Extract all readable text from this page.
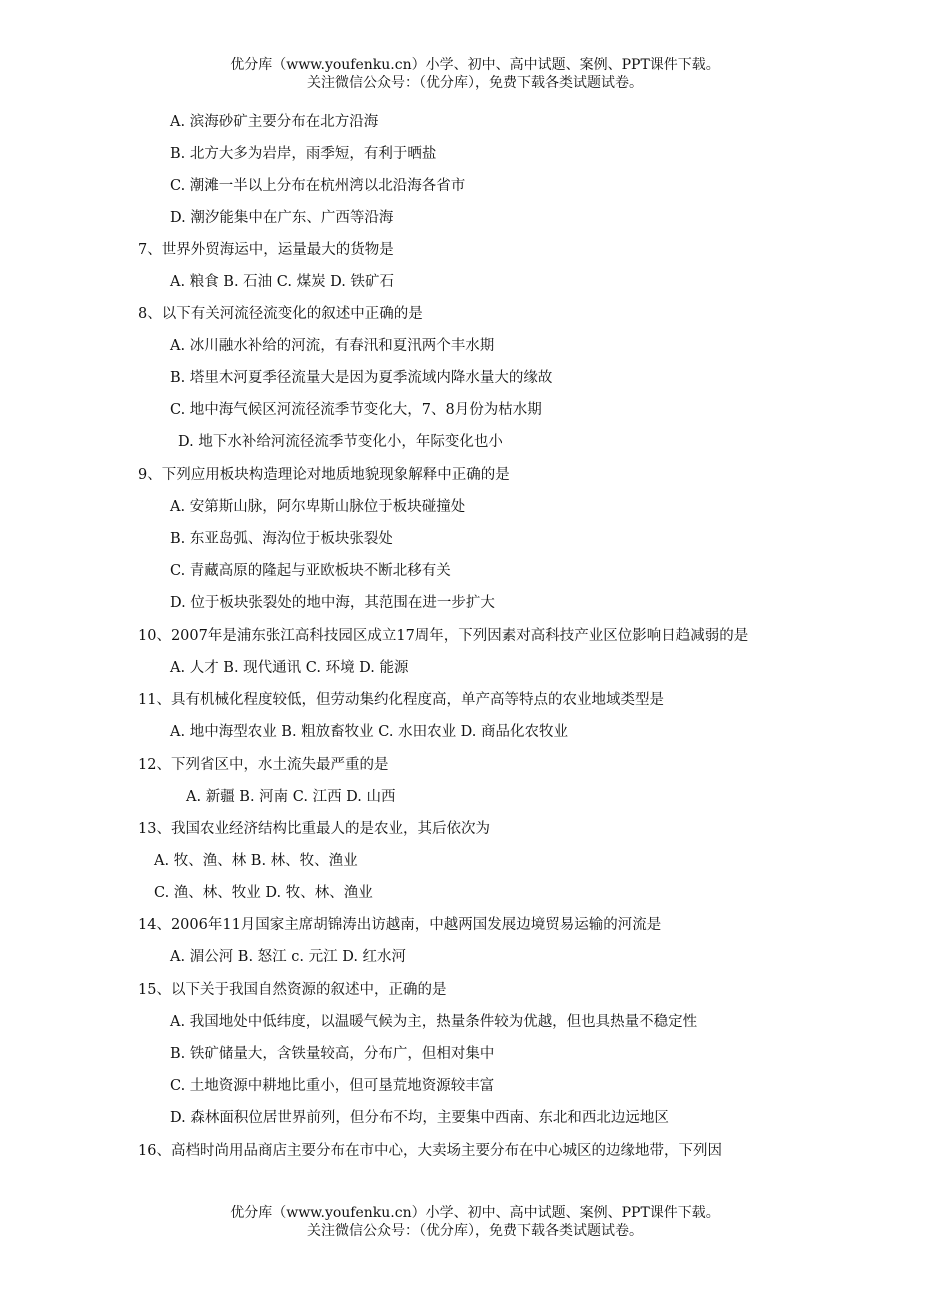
优分库（www.youfenku.cn）小学、初中、高中试题、案例、PPT课件下载。
关注微信公众号：（优分库），免费下载各类试题试卷。
A. 滨海砂矿主要分布在北方沿海
B. 北方大多为岩岸，雨季短，有利于晒盐
C. 潮滩一半以上分布在杭州湾以北沿海各省市
D. 潮汐能集中在广东、广西等沿海
7、世界外贸海运中，运量最大的货物是
A. 粮食 B. 石油 C. 煤炭 D. 铁矿石
8、以下有关河流径流变化的叙述中正确的是
A. 冰川融水补给的河流，有春汛和夏汛两个丰水期
B. 塔里木河夏季径流量大是因为夏季流域内降水量大的缘故
C. 地中海气候区河流径流季节变化大，7、8月份为枯水期
D. 地下水补给河流径流季节变化小，年际变化也小
9、下列应用板块构造理论对地质地貌现象解释中正确的是
A. 安第斯山脉，阿尔卑斯山脉位于板块碰撞处
B. 东亚岛弧、海沟位于板块张裂处
C. 青藏高原的隆起与亚欧板块不断北移有关
D. 位于板块张裂处的地中海，其范围在进一步扩大
10、2007年是浦东张江高科技园区成立17周年，下列因素对高科技产业区位影响日趋减弱的是
A. 人才 B. 现代通讯 C. 环境 D. 能源
11、具有机械化程度较低，但劳动集约化程度高，单产高等特点的农业地域类型是
A. 地中海型农业 B. 粗放畜牧业 C. 水田农业 D. 商品化农牧业
12、下列省区中，水土流失最严重的是
A. 新疆 B. 河南 C. 江西 D. 山西
13、我国农业经济结构比重最人的是农业，其后依次为
A. 牧、渔、林 B. 林、牧、渔业
C. 渔、林、牧业 D. 牧、林、渔业
14、2006年11月国家主席胡锦涛出访越南，中越两国发展边境贸易运输的河流是
A. 湄公河 B. 怒江 c. 元江 D. 红水河
15、以下关于我国自然资源的叙述中，正确的是
A. 我国地处中低纬度，以温暖气候为主，热量条件较为优越，但也具热量不稳定性
B. 铁矿储量大，含铁量较高，分布广，但相对集中
C. 土地资源中耕地比重小，但可垦荒地资源较丰富
D. 森林面积位居世界前列，但分布不均，主要集中西南、东北和西北边远地区
16、高档时尚用品商店主要分布在市中心，大卖场主要分布在中心城区的边缘地带，下列因
优分库（www.youfenku.cn）小学、初中、高中试题、案例、PPT课件下载。
关注微信公众号：（优分库），免费下载各类试题试卷。
